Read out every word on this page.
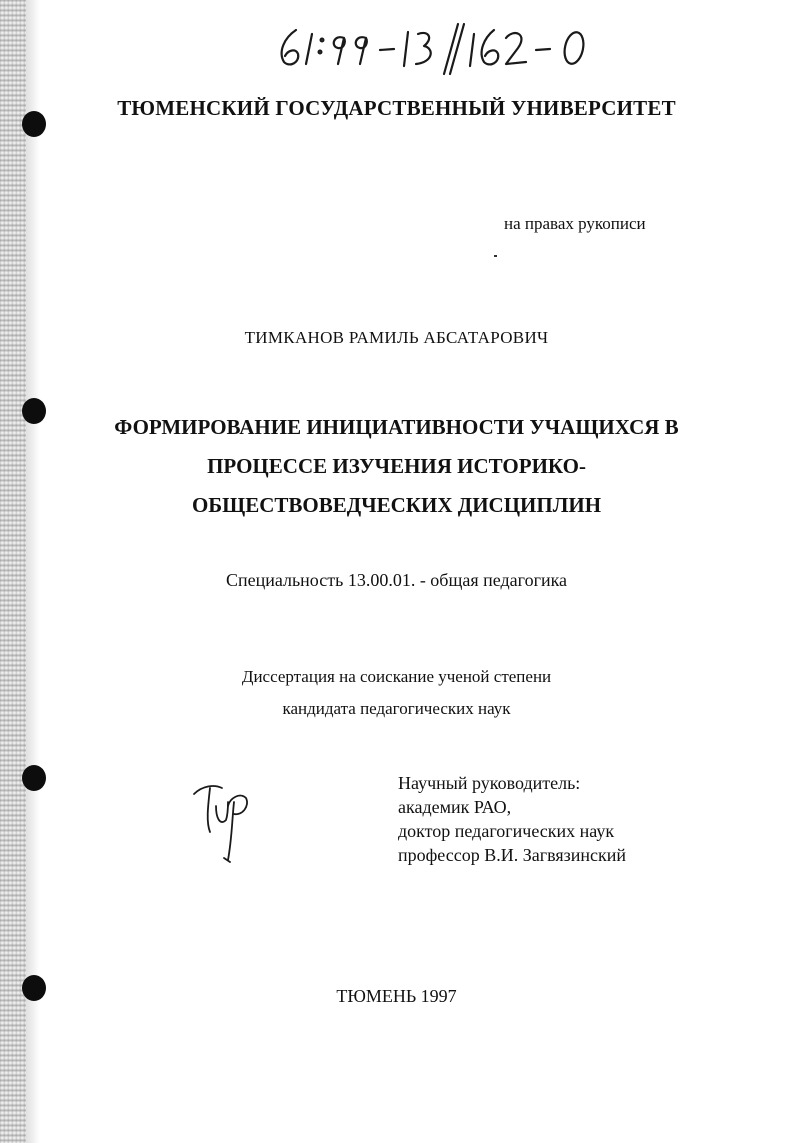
ТЮМЕНСКИЙ ГОСУДАРСТВЕННЫЙ УНИВЕРСИТЕТ
на правах рукописи
ТИМКАНОВ РАМИЛЬ АБСАТАРОВИЧ
ФОРМИРОВАНИЕ ИНИЦИАТИВНОСТИ УЧАЩИХСЯ В
ПРОЦЕССЕ ИЗУЧЕНИЯ ИСТОРИКО-
ОБЩЕСТВОВЕДЧЕСКИХ ДИСЦИПЛИН
Специальность 13.00.01. - общая педагогика
Диссертация на соискание ученой степени
кандидата педагогических наук
Научный руководитель:
академик РАО,
доктор педагогических наук
профессор В.И. Загвязинский
ТЮМЕНЬ 1997
